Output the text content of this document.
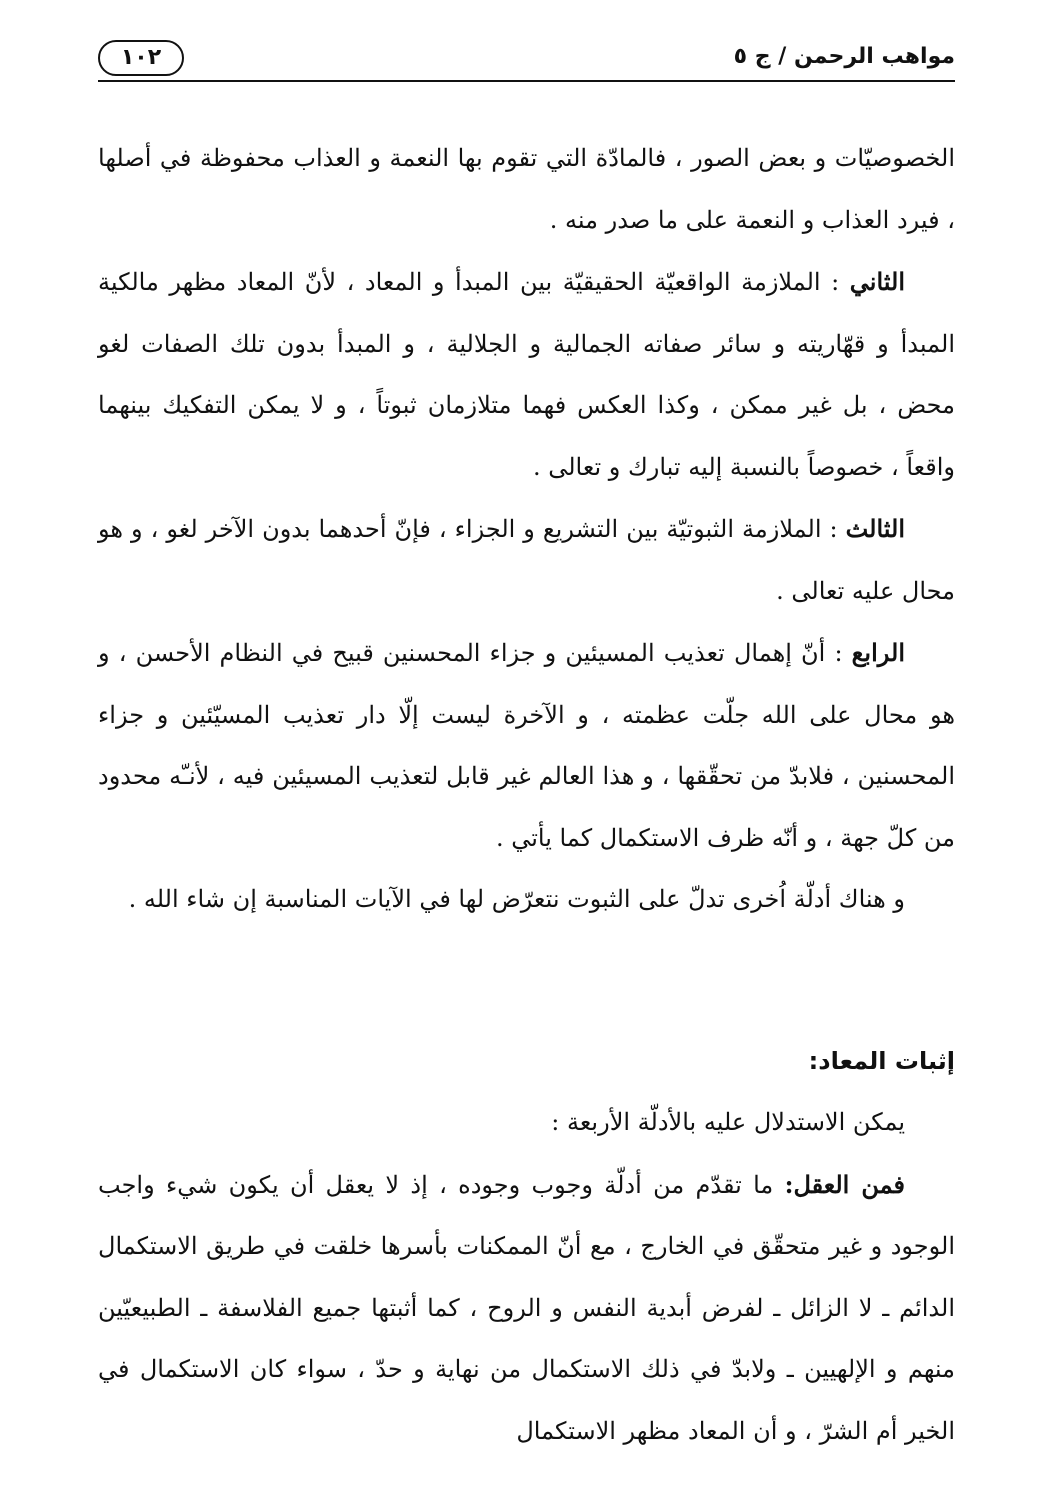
مواهب الرحمن / ج ٥
١٠٢

الخصوصيّات و بعض الصور ، فالمادّة التي تقوم بها النعمة و العذاب محفوظة في أصلها ، فيرد العذاب و النعمة على ما صدر منه .

الثاني : الملازمة الواقعيّة الحقيقيّة بين المبدأ و المعاد ، لأنّ المعاد مظهر مالكية المبدأ و قهّاريته و سائر صفاته الجمالية و الجلالية ، و المبدأ بدون تلك الصفات لغو محض ، بل غير ممكن ، وكذا العكس فهما متلازمان ثبوتاً ، و لا يمكن التفكيك بينهما واقعاً ، خصوصاً بالنسبة إليه تبارك و تعالى .

الثالث : الملازمة الثبوتيّة بين التشريع و الجزاء ، فإنّ أحدهما بدون الآخر لغو ، و هو محال عليه تعالى .

الرابع : أنّ إهمال تعذيب المسيئين و جزاء المحسنين قبيح في النظام الأحسن ، و هو محال على الله جلّت عظمته ، و الآخرة ليست إلّا دار تعذيب المسيّئين و جزاء المحسنين ، فلابدّ من تحقّقها ، و هذا العالم غير قابل لتعذيب المسيئين فيه ، لأنـّه محدود من كلّ جهة ، و أنّه ظرف الاستكمال كما يأتي .

و هناك أدلّة اُخرى تدلّ على الثبوت نتعرّض لها في الآيات المناسبة إن شاء الله .

إثبات المعاد:

يمكن الاستدلال عليه بالأدلّة الأربعة :

فمن العقل: ما تقدّم من أدلّة وجوب وجوده ، إذ لا يعقل أن يكون شيء واجب الوجود و غير متحقّق في الخارج ، مع أنّ الممكنات بأسرها خلقت في طريق الاستكمال الدائم ـ لا الزائل ـ لفرض أبدية النفس و الروح ، كما أثبتها جميع الفلاسفة ـ الطبيعيّين منهم و الإلهيين ـ ولابدّ في ذلك الاستكمال من نهاية و حدّ ، سواء كان الاستكمال في الخير أم الشرّ ، و أن المعاد مظهر الاستكمال
